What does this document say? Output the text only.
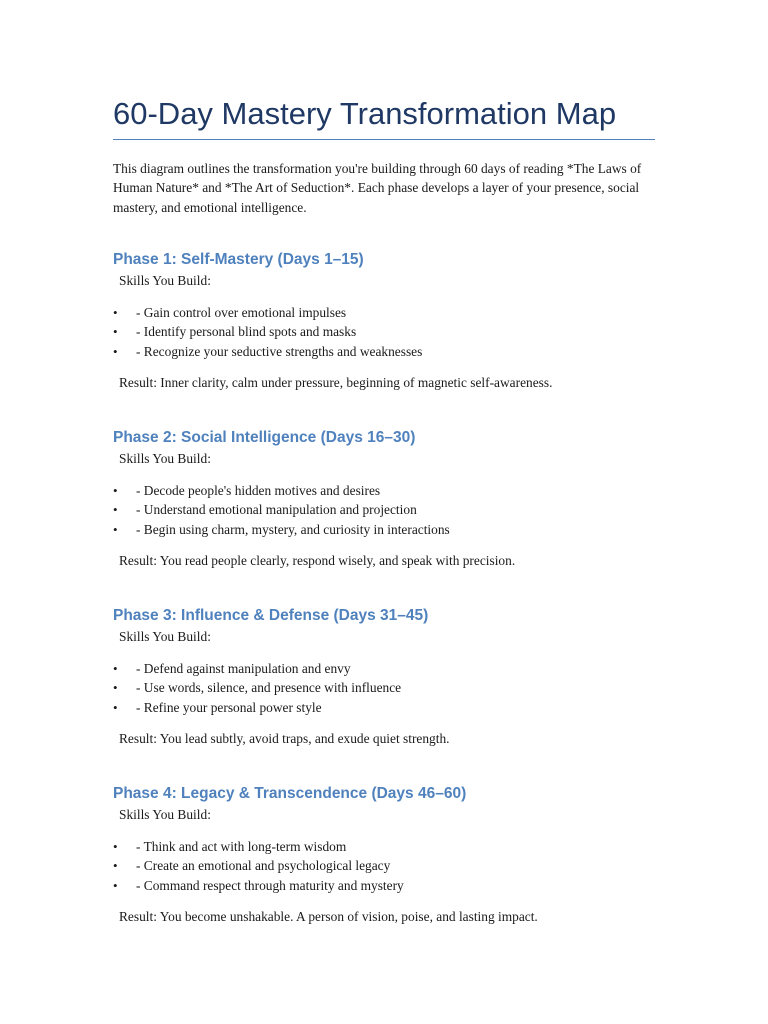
60-Day Mastery Transformation Map

This diagram outlines the transformation you're building through 60 days of reading *The Laws of Human Nature* and *The Art of Seduction*. Each phase develops a layer of your presence, social mastery, and emotional intelligence.

Phase 1: Self-Mastery (Days 1–15)

Skills You Build:

• - Gain control over emotional impulses
• - Identify personal blind spots and masks
• - Recognize your seductive strengths and weaknesses

Result: Inner clarity, calm under pressure, beginning of magnetic self-awareness.

Phase 2: Social Intelligence (Days 16–30)

Skills You Build:

• - Decode people's hidden motives and desires
• - Understand emotional manipulation and projection
• - Begin using charm, mystery, and curiosity in interactions

Result: You read people clearly, respond wisely, and speak with precision.

Phase 3: Influence & Defense (Days 31–45)

Skills You Build:

• - Defend against manipulation and envy
• - Use words, silence, and presence with influence
• - Refine your personal power style

Result: You lead subtly, avoid traps, and exude quiet strength.

Phase 4: Legacy & Transcendence (Days 46–60)

Skills You Build:

• - Think and act with long-term wisdom
• - Create an emotional and psychological legacy
• - Command respect through maturity and mystery

Result: You become unshakable. A person of vision, poise, and lasting impact.
